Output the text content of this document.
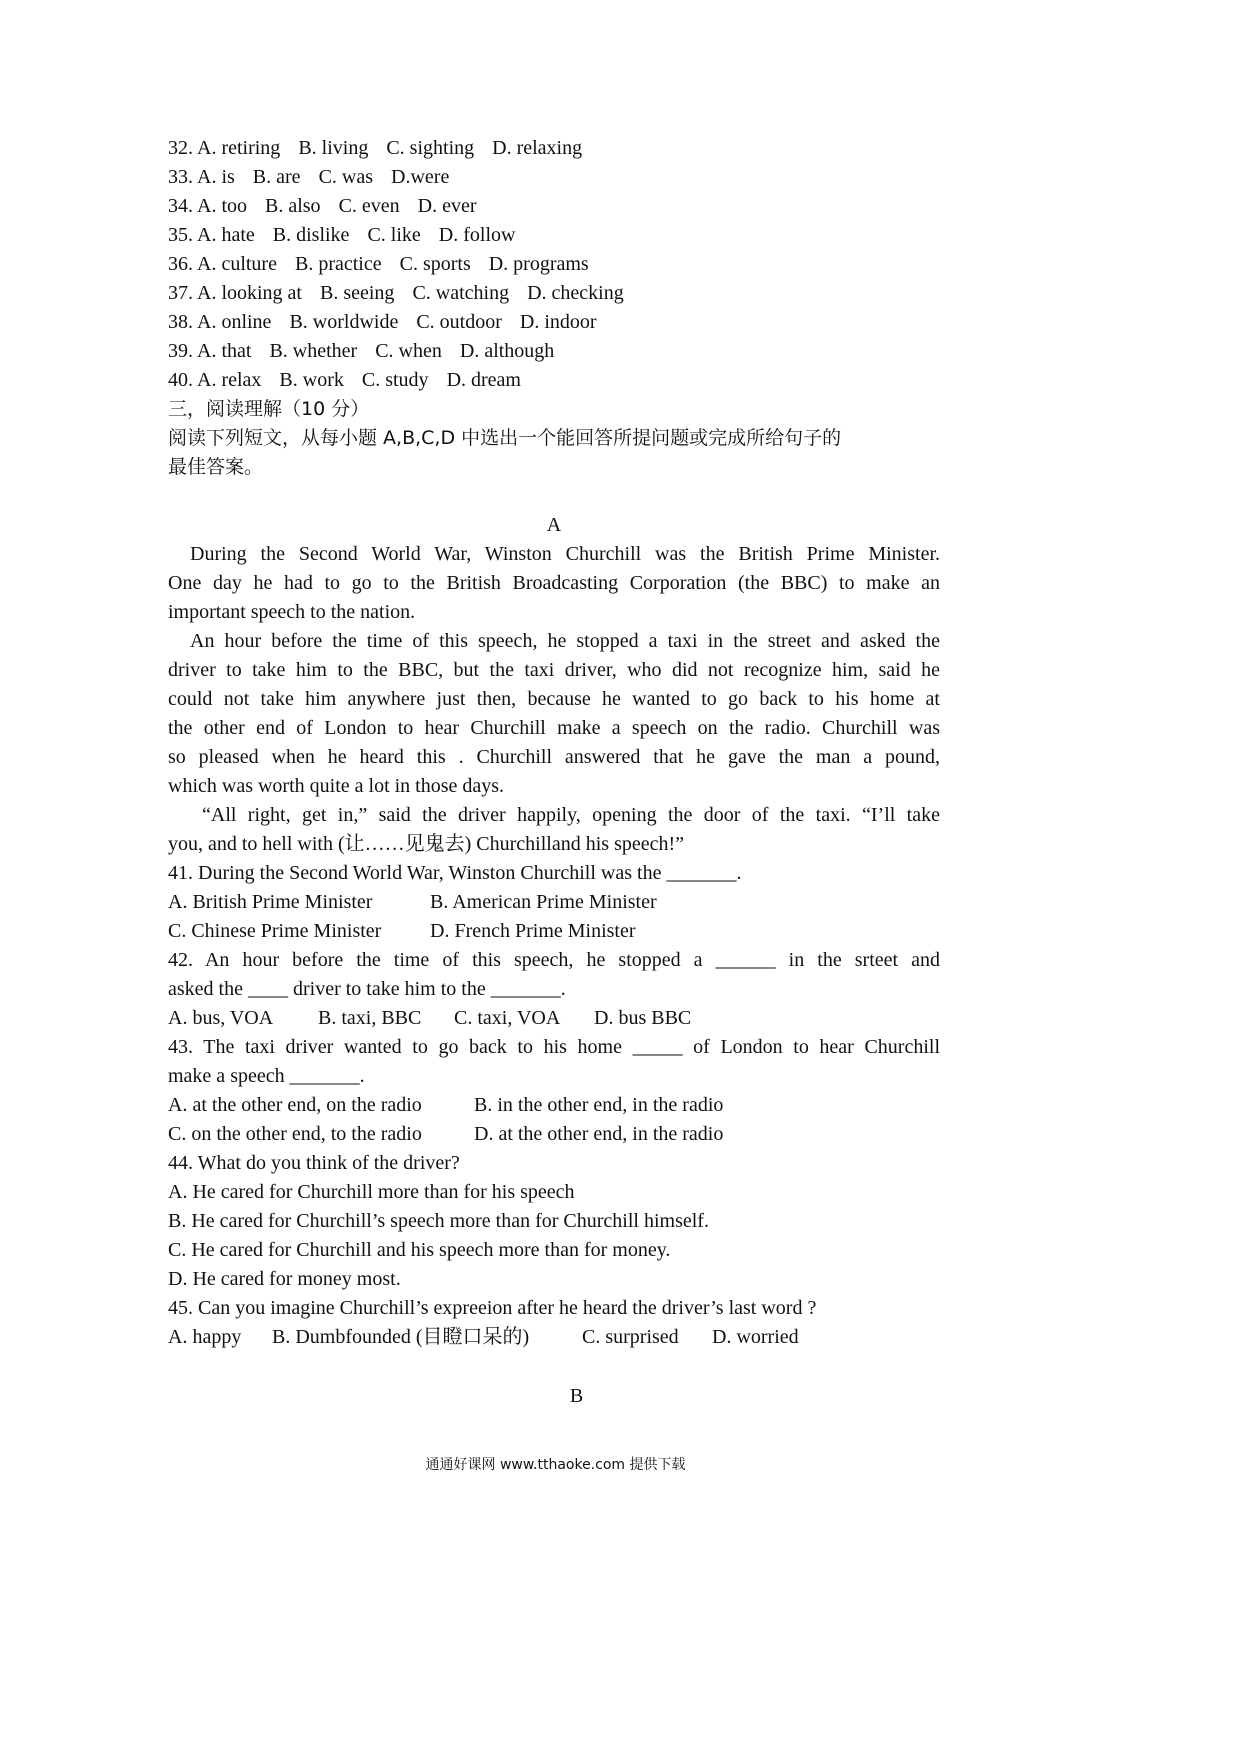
32. A. retiring B. living C. sighting D. relaxing
33. A. is B. are C. was D.were
34. A. too B. also C. even D. ever
35. A. hate B. dislike C. like D. follow
36. A. culture B. practice C. sports D. programs
37. A. looking at B. seeing C. watching D. checking
38. A. online B. worldwide C. outdoor D. indoor
39. A. that B. whether C. when D. although
40. A. relax B. work C. study D. dream
三，阅读理解（10 分）
阅读下列短文，从每小题 A,B,C,D 中选出一个能回答所提问题或完成所给句子的
最佳答案。
A
During the Second World War, Winston Churchill was the British Prime Minister.
One day he had to go to the British Broadcasting Corporation (the BBC) to make an
important speech to the nation.
An hour before the time of this speech, he stopped a taxi in the street and asked the
driver to take him to the BBC, but the taxi driver, who did not recognize him, said he
could not take him anywhere just then, because he wanted to go back to his home at
the other end of London to hear Churchill make a speech on the radio. Churchill was
so pleased when he heard this . Churchill answered that he gave the man a pound,
which was worth quite a lot in those days.
“All right, get in,” said the driver happily, opening the door of the taxi. “I’ll take
you, and to hell with (让……见鬼去) Churchilland his speech!”
41. During the Second World War, Winston Churchill was the _______.
A. British Prime Minister	B. American Prime Minister
C. Chinese Prime Minister D. French Prime Minister
42. An hour before the time of this speech, he stopped a ______ in the srteet and
asked the ____ driver to take him to the _______.
A. bus, VOA B. taxi, BBC C. taxi, VOA D. bus BBC
43. The taxi driver wanted to go back to his home _____ of London to hear Churchill
make a speech _______.
A. at the other end, on the radio	B. in the other end, in the radio
C. on the other end, to the radio	D. at the other end, in the radio
44. What do you think of the driver?
A. He cared for Churchill more than for his speech
B. He cared for Churchill’s speech more than for Churchill himself.
C. He cared for Churchill and his speech more than for money.
D. He cared for money most.
45. Can you imagine Churchill’s expreeion after he heard the driver’s last word ?
A. happy B. Dumbfounded (目瞪口呆的)	C. surprised D. worried
B
通通好课网 www.tthaoke.com 提供下载
